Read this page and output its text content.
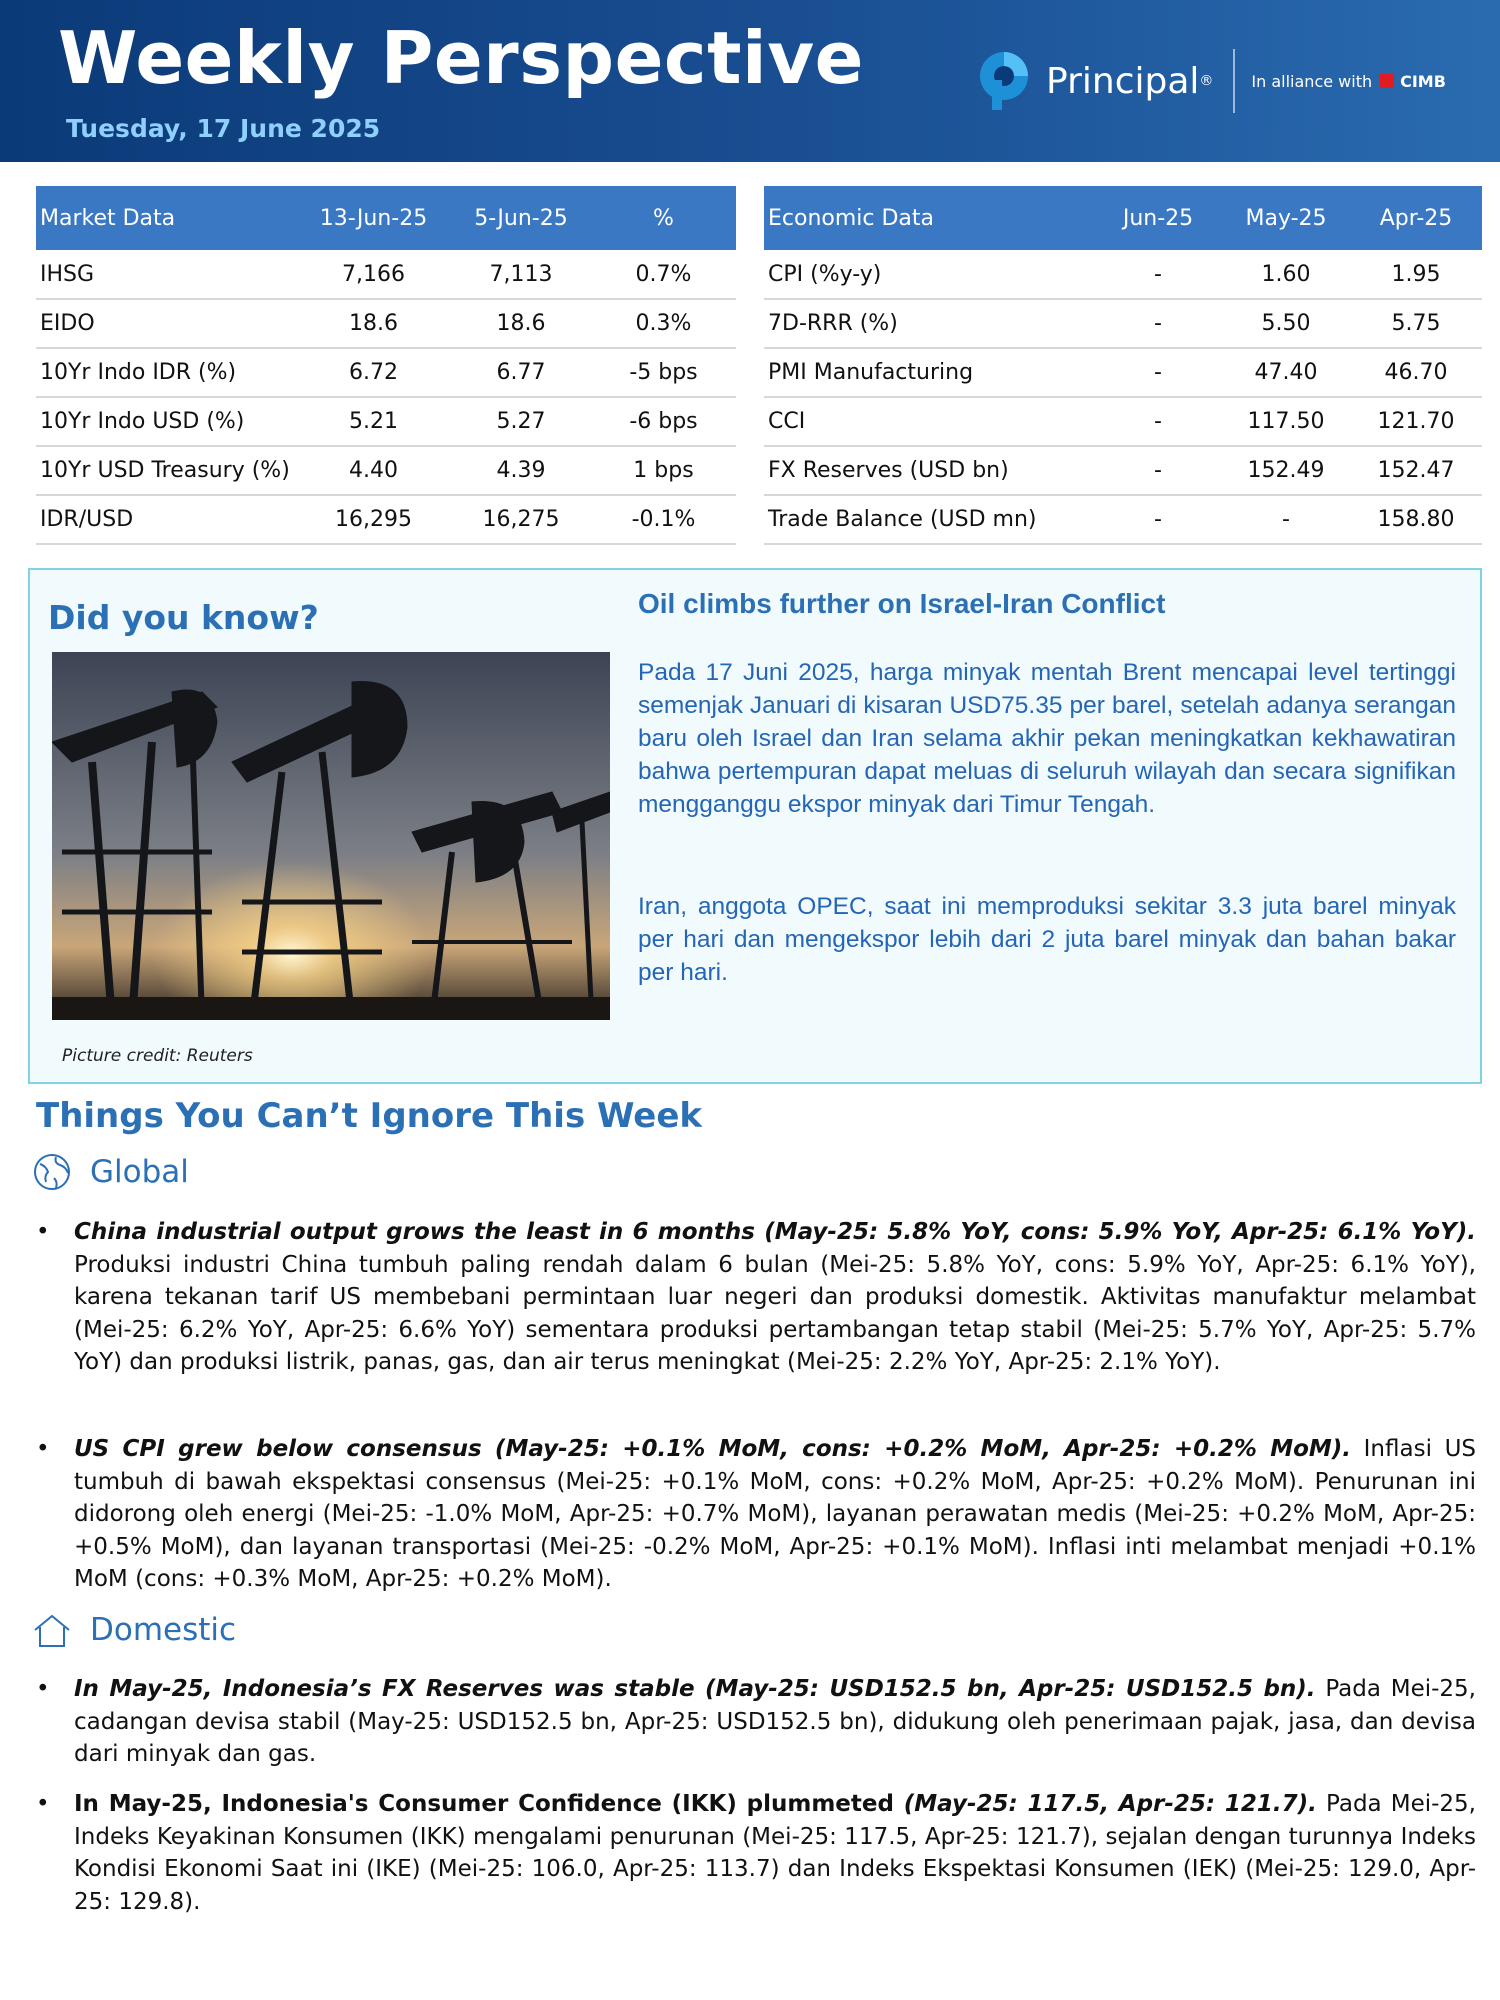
Weekly Perspective
Tuesday, 17 June 2025
Principal ® In alliance with CIMB
Market Data	13-Jun-25	5-Jun-25	%
IHSG	7,166	7,113	0.7%
EIDO	18.6	18.6	0.3%
10Yr Indo IDR (%)	6.72	6.77	-5 bps
10Yr Indo USD (%)	5.21	5.27	-6 bps
10Yr USD Treasury (%)	4.40	4.39	1 bps
IDR/USD	16,295	16,275	-0.1%
Economic Data	Jun-25	May-25	Apr-25
CPI (%y-y)	-	1.60	1.95
7D-RRR (%)	-	5.50	5.75
PMI Manufacturing	-	47.40	46.70
CCI	-	117.50	121.70
FX Reserves (USD bn)	-	152.49	152.47
Trade Balance (USD mn)	-	-	158.80
Did you know?
Picture credit: Reuters
Oil climbs further on Israel-Iran Conflict
Pada 17 Juni 2025, harga minyak mentah Brent mencapai level tertinggi semenjak Januari di kisaran USD75.35 per barel, setelah adanya serangan baru oleh Israel dan Iran selama akhir pekan meningkatkan kekhawatiran bahwa pertempuran dapat meluas di seluruh wilayah dan secara signifikan mengganggu ekspor minyak dari Timur Tengah.
Iran, anggota OPEC, saat ini memproduksi sekitar 3.3 juta barel minyak per hari dan mengekspor lebih dari 2 juta barel minyak dan bahan bakar per hari.
Things You Can’t Ignore This Week
Global
• China industrial output grows the least in 6 months (May-25: 5.8% YoY, cons: 5.9% YoY, Apr-25: 6.1% YoY). Produksi industri China tumbuh paling rendah dalam 6 bulan (Mei-25: 5.8% YoY, cons: 5.9% YoY, Apr-25: 6.1% YoY), karena tekanan tarif US membebani permintaan luar negeri dan produksi domestik. Aktivitas manufaktur melambat (Mei-25: 6.2% YoY, Apr-25: 6.6% YoY) sementara produksi pertambangan tetap stabil (Mei-25: 5.7% YoY, Apr-25: 5.7% YoY) dan produksi listrik, panas, gas, dan air terus meningkat (Mei-25: 2.2% YoY, Apr-25: 2.1% YoY).
• US CPI grew below consensus (May-25: +0.1% MoM, cons: +0.2% MoM, Apr-25: +0.2% MoM). Inflasi US tumbuh di bawah ekspektasi consensus (Mei-25: +0.1% MoM, cons: +0.2% MoM, Apr-25: +0.2% MoM). Penurunan ini didorong oleh energi (Mei-25: -1.0% MoM, Apr-25: +0.7% MoM), layanan perawatan medis (Mei-25: +0.2% MoM, Apr-25: +0.5% MoM), dan layanan transportasi (Mei-25: -0.2% MoM, Apr-25: +0.1% MoM). Inflasi inti melambat menjadi +0.1% MoM (cons: +0.3% MoM, Apr-25: +0.2% MoM).
Domestic
• In May-25, Indonesia’s FX Reserves was stable (May-25: USD152.5 bn, Apr-25: USD152.5 bn). Pada Mei-25, cadangan devisa stabil (May-25: USD152.5 bn, Apr-25: USD152.5 bn), didukung oleh penerimaan pajak, jasa, dan devisa dari minyak dan gas.
• In May-25, Indonesia's Consumer Confidence (IKK) plummeted (May-25: 117.5, Apr-25: 121.7). Pada Mei-25, Indeks Keyakinan Konsumen (IKK) mengalami penurunan (Mei-25: 117.5, Apr-25: 121.7), sejalan dengan turunnya Indeks Kondisi Ekonomi Saat ini (IKE) (Mei-25: 106.0, Apr-25: 113.7) dan Indeks Ekspektasi Konsumen (IEK) (Mei-25: 129.0, Apr-25: 129.8).
